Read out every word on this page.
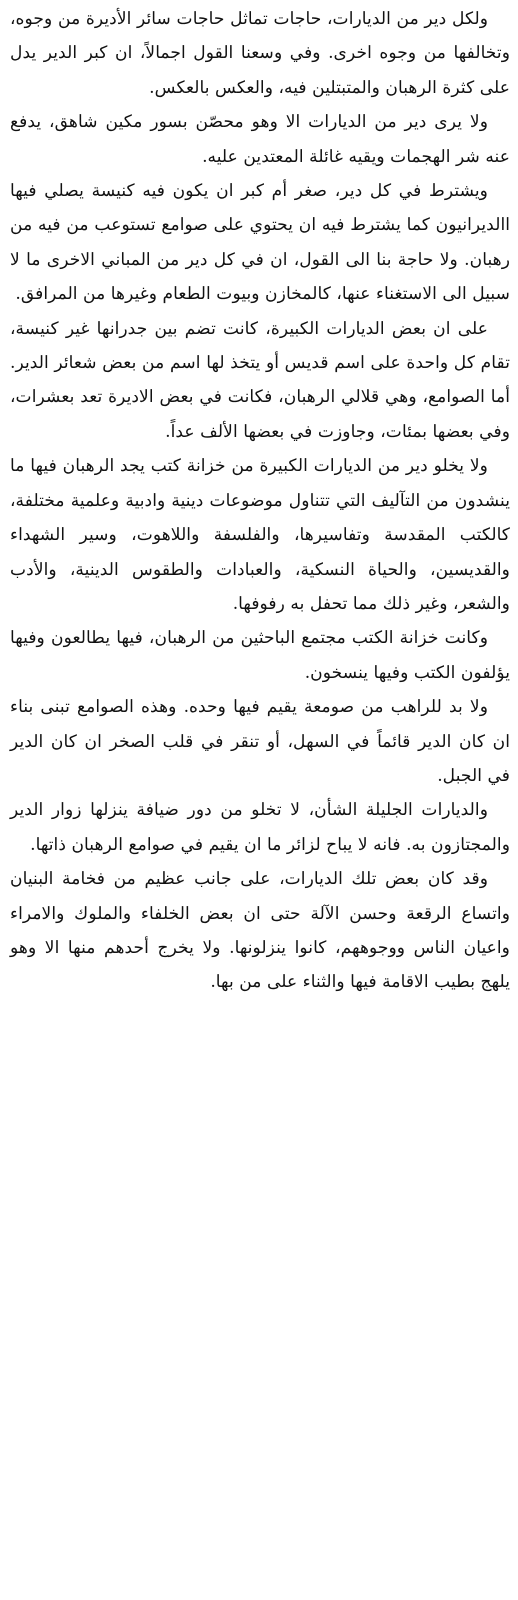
ولكل دير من الديارات، حاجات تماثل حاجات سائر الأديرة من وجوه، وتخالفها من وجوه اخرى. وفي وسعنا القول اجمالاً، ان كبر الدير يدل على كثرة الرهبان والمتبتلين فيه، والعكس بالعكس.

ولا يرى دير من الديارات الا وهو محصّن بسور مكين شاهق، يدفع عنه شر الهجمات ويقيه غائلة المعتدين عليه.

ويشترط في كل دير، صغر أم كبر ان يكون فيه كنيسة يصلي فيها االديرانيون كما يشترط فيه ان يحتوي على صوامع تستوعب من فيه من رهبان. ولا حاجة بنا الى القول، ان في كل دير من المباني الاخرى ما لا سبيل الى الاستغناء عنها، كالمخازن وبيوت الطعام وغيرها من المرافق.

على ان بعض الديارات الكبيرة، كانت تضم بين جدرانها غير كنيسة، تقام كل واحدة على اسم قديس أو يتخذ لها اسم من بعض شعائر الدير. أما الصوامع، وهي قلالي الرهبان، فكانت في بعض الاديرة تعد بعشرات، وفي بعضها بمئات، وجاوزت في بعضها الألف عداً.

ولا يخلو دير من الديارات الكبيرة من خزانة كتب يجد الرهبان فيها ما ينشدون من التآليف التي تتناول موضوعات دينية وادبية وعلمية مختلفة، كالكتب المقدسة وتفاسيرها، والفلسفة واللاهوت، وسير الشهداء والقديسين، والحياة النسكية، والعبادات والطقوس الدينية، والأدب والشعر، وغير ذلك مما تحفل به رفوفها.

وكانت خزانة الكتب مجتمع الباحثين من الرهبان، فيها يطالعون وفيها يؤلفون الكتب وفيها ينسخون.

ولا بد للراهب من صومعة يقيم فيها وحده. وهذه الصوامع تبنى بناء ان كان الدير قائماً في السهل، أو تنقر في قلب الصخر ان كان الدير في الجبل.

والديارات الجليلة الشأن، لا تخلو من دور ضيافة ينزلها زوار الدير والمجتازون به. فانه لا يباح لزائر ما ان يقيم في صوامع الرهبان ذاتها.

وقد كان بعض تلك الديارات، على جانب عظيم من فخامة البنيان واتساع الرقعة وحسن الآلة حتى ان بعض الخلفاء والملوك والامراء واعيان الناس ووجوههم، كانوا ينزلونها. ولا يخرج أحدهم منها الا وهو يلهج بطيب الاقامة فيها والثناء على من بها.
